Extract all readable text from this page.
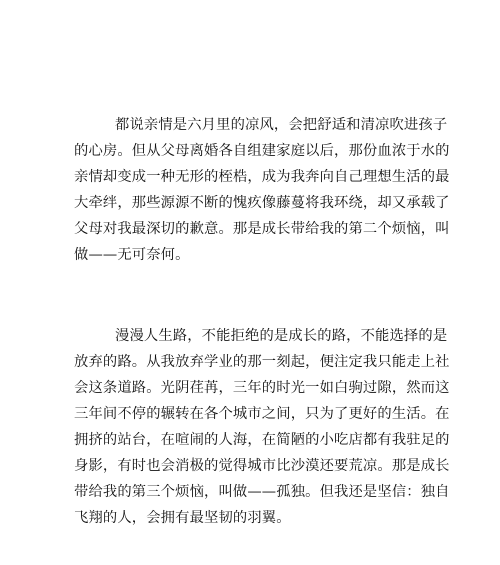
都说亲情是六月里的凉风，会把舒适和清凉吹进孩子
的心房。但从父母离婚各自组建家庭以后，那份血浓于水的
亲情却变成一种无形的桎梏，成为我奔向自己理想生活的最
大牵绊，那些源源不断的愧疚像藤蔓将我环绕，却又承载了
父母对我最深切的歉意。那是成长带给我的第二个烦恼，叫
做——无可奈何。
漫漫人生路，不能拒绝的是成长的路，不能选择的是
放弃的路。从我放弃学业的那一刻起，便注定我只能走上社
会这条道路。光阴荏苒，三年的时光一如白驹过隙，然而这
三年间不停的辗转在各个城市之间，只为了更好的生活。在
拥挤的站台，在喧闹的人海，在简陋的小吃店都有我驻足的
身影，有时也会消极的觉得城市比沙漠还要荒凉。那是成长
带给我的第三个烦恼，叫做——孤独。但我还是坚信：独自
飞翔的人，会拥有最坚韧的羽翼。
